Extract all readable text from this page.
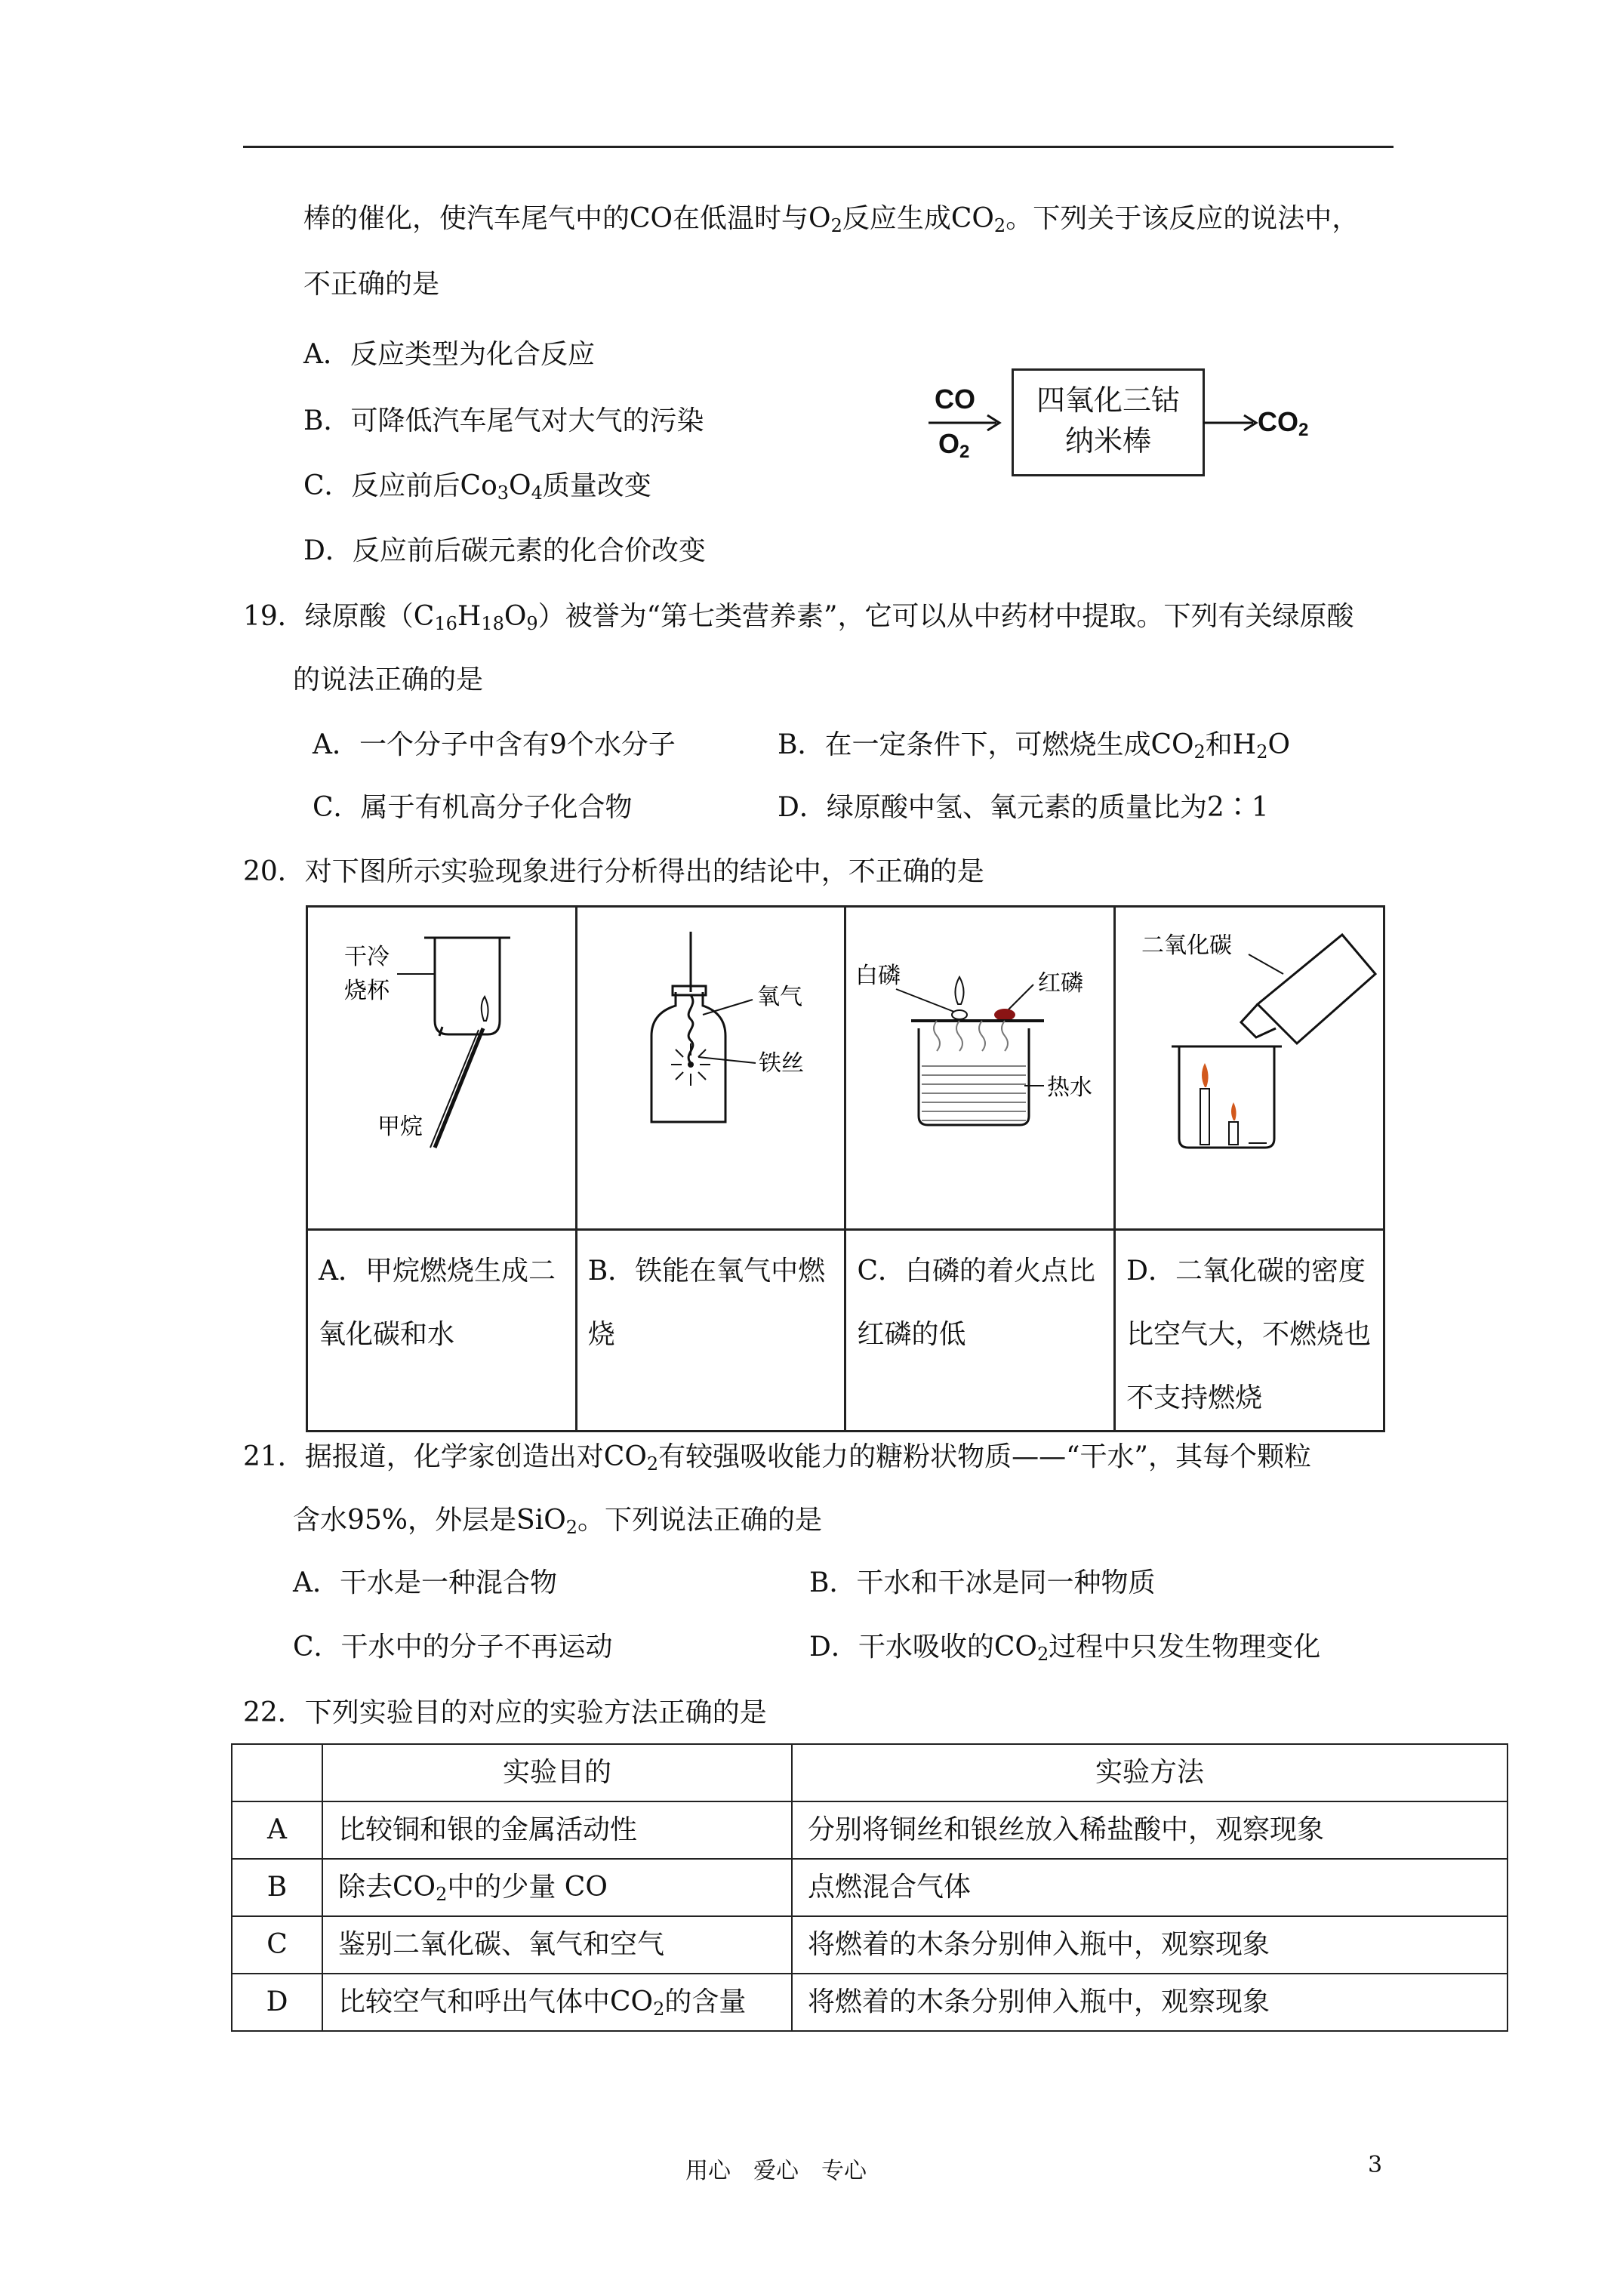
棒的催化，使汽车尾气中的CO在低温时与$O_2$反应生成$CO_2$。下列关于该反应的说法中，
不正确的是
A．反应类型为化合反应
B．可降低汽车尾气对大气的污染
C．反应前后$Co_3O_4$质量改变
D．反应前后碳元素的化合价改变
CO
$O_2$
四氧化三钴
纳米棒
$CO_2$
19．绿原酸$(C_{16}H_{18}O_9)$被誉为“第七类营养素”，它可以从中药材中提取。下列有关绿原酸
的说法正确的是
A．一个分子中含有9个水分子	B．在一定条件下，可燃烧生成$CO_2$和$H_2O$
C．属于有机高分子化合物	D．绿原酸中氢、氧元素的质量比为2∶1
20．对下图所示实验现象进行分析得出的结论中，不正确的是
干冷
烧杯
甲烷	氧气
铁丝	白磷 红磷
热水	二氧化碳

A．甲烷燃烧生成二氧化碳和水	B．铁能在氧气中燃烧	C．白磷的着火点比红磷的低	D．二氧化碳的密度比空气大，不燃烧也不支持燃烧
21．据报道，化学家创造出对$CO_2$有较强吸收能力的糖粉状物质——“干水”，其每个颗粒
含水95%，外层是SiO$_2$。下列说法正确的是
A．干水是一种混合物	B．干水和干冰是同一种物质
C．干水中的分子不再运动	D．干水吸收的$CO_2$过程中只发生物理变化
22．下列实验目的对应的实验方法正确的是
	实验目的	实验方法
A	比较铜和银的金属活动性	分别将铜丝和银丝放入稀盐酸中，观察现象
B	除去$CO_2$中的少量 CO	点燃混合气体
C	鉴别二氧化碳、氧气和空气	将燃着的木条分别伸入瓶中，观察现象
D	比较空气和呼出气体中$CO_2$的含量	将燃着的木条分别伸入瓶中，观察现象
用心　爱心　专心	3
